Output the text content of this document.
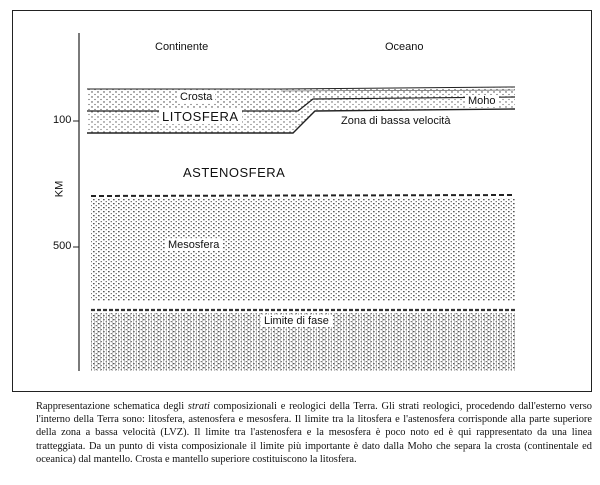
Continente	Oceano
Crosta	Moho
LITOSFERA	Zona di bassa velocità
ASTENOSFERA
Mesosfera
Limite di fase
100
500
KM

Rappresentazione schematica degli strati composizionali e reologici della Terra. Gli strati reologici, procedendo dall'esterno verso l'interno della Terra sono: litosfera, astenosfera e mesosfera. Il limite tra la litosfera e l'astenosfera corrisponde alla parte superiore della zona a bassa velocità (LVZ). Il limite tra l'astenosfera e la mesosfera è poco noto ed è qui rappresentato da una linea tratteggiata. Da un punto di vista composizionale il limite più importante è dato dalla Moho che separa la crosta (continentale ed oceanica) dal mantello. Crosta e mantello superiore costituiscono la litosfera.
